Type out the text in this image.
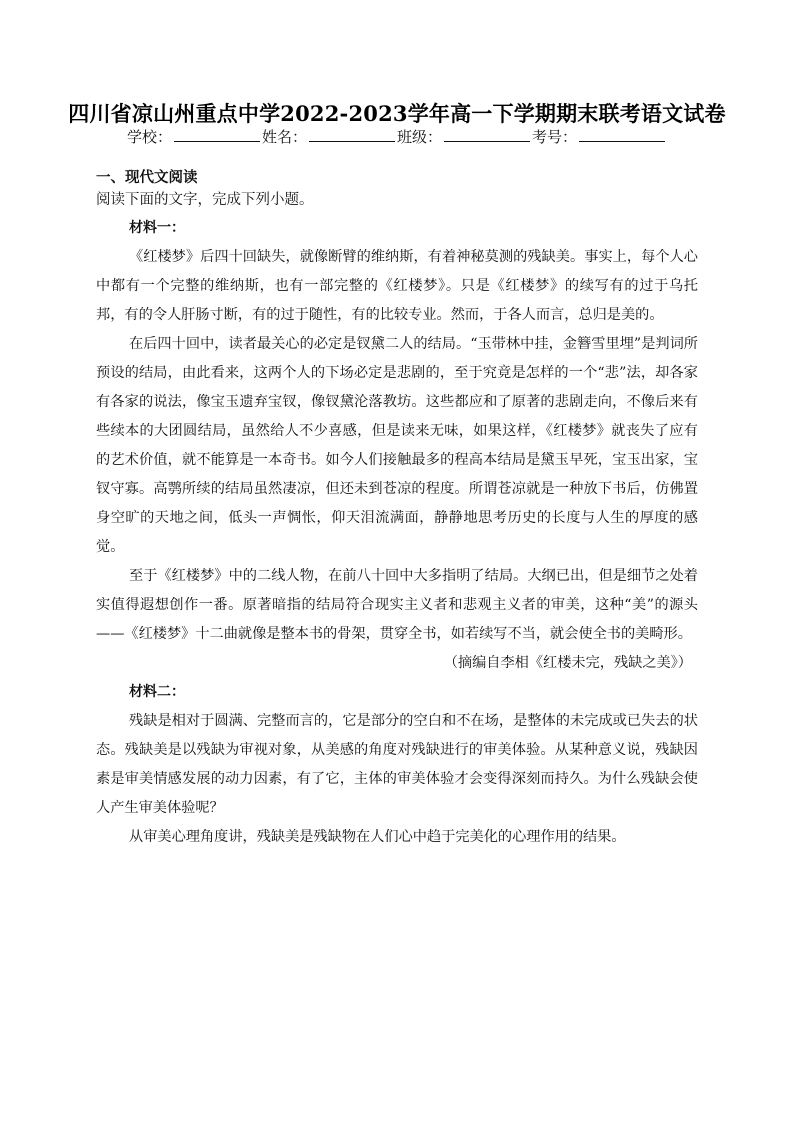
四川省凉山州重点中学2022-2023学年高一下学期期末联考语文试卷
学校：	姓名：	班级：	考号：
一、现代文阅读
阅读下面的文字，完成下列小题。

材料一：

《红楼梦》后四十回缺失，就像断臂的维纳斯，有着神秘莫测的残缺美。事实上，每个人心中都有一个完整的维纳斯，也有一部完整的《红楼梦》。只是《红楼梦》的续写有的过于乌托邦，有的令人肝肠寸断，有的过于随性，有的比较专业。然而，于各人而言，总归是美的。

在后四十回中，读者最关心的必定是钗黛二人的结局。“玉带林中挂，金簪雪里埋”是判词所预设的结局，由此看来，这两个人的下场必定是悲剧的，至于究竟是怎样的一个“悲”法，却各家有各家的说法，像宝玉遗弃宝钗，像钗黛沦落教坊。这些都应和了原著的悲剧走向，不像后来有些续本的大团圆结局，虽然给人不少喜感，但是读来无味，如果这样，《红楼梦》就丧失了应有的艺术价值，就不能算是一本奇书。如今人们接触最多的程高本结局是黛玉早死，宝玉出家，宝钗守寡。高鹗所续的结局虽然凄凉，但还未到苍凉的程度。所谓苍凉就是一种放下书后，仿佛置身空旷的天地之间，低头一声惆怅，仰天泪流满面，静静地思考历史的长度与人生的厚度的感觉。

至于《红楼梦》中的二线人物，在前八十回中大多指明了结局。大纲已出，但是细节之处着实值得遐想创作一番。原著暗指的结局符合现实主义者和悲观主义者的审美，这种“美”的源头——《红楼梦》十二曲就像是整本书的骨架，贯穿全书，如若续写不当，就会使全书的美畸形。

（摘编自李相《红楼未完，残缺之美》）

材料二：

残缺是相对于圆满、完整而言的，它是部分的空白和不在场，是整体的未完成或已失去的状态。残缺美是以残缺为审视对象，从美感的角度对残缺进行的审美体验。从某种意义说，残缺因素是审美情感发展的动力因素，有了它，主体的审美体验才会变得深刻而持久。为什么残缺会使人产生审美体验呢？

从审美心理角度讲，残缺美是残缺物在人们心中趋于完美化的心理作用的结果。
